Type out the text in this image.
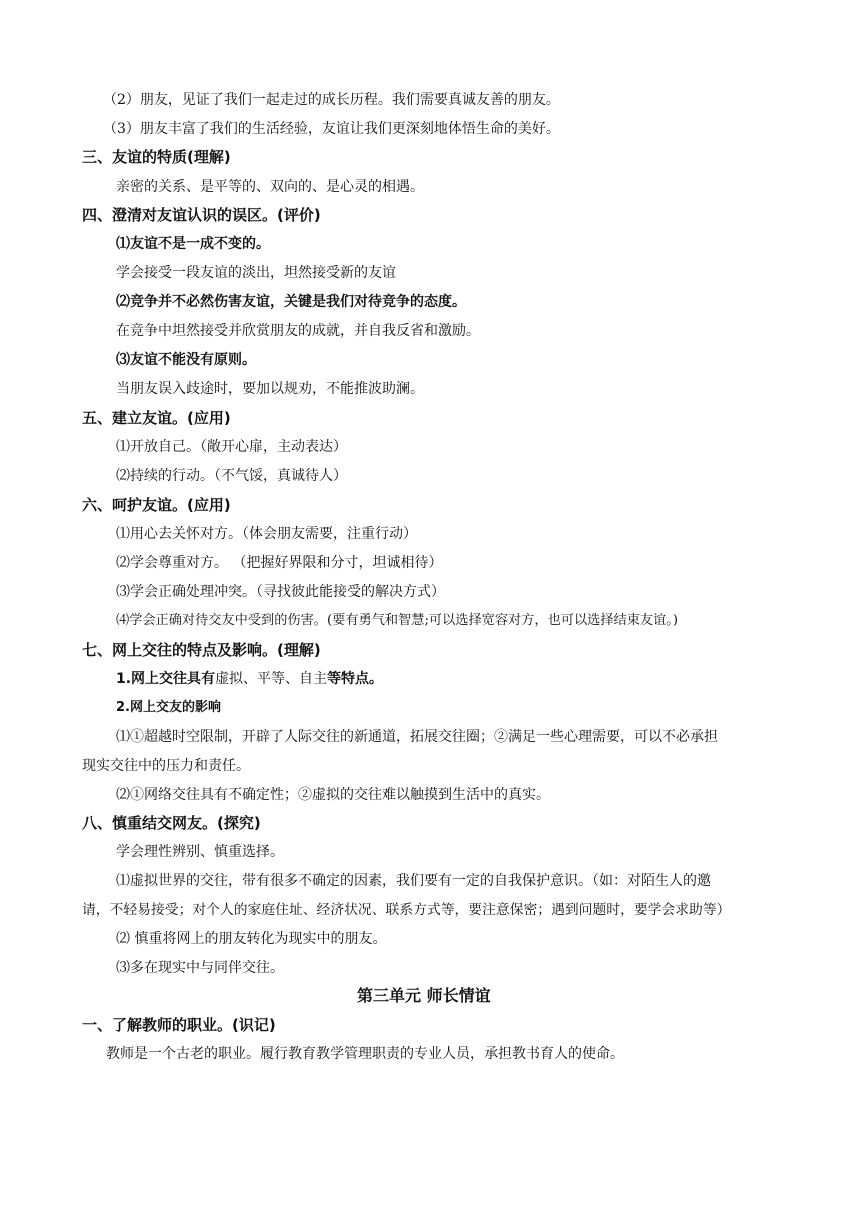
（2）朋友，见证了我们一起走过的成长历程。我们需要真诚友善的朋友。
（3）朋友丰富了我们的生活经验，友谊让我们更深刻地体悟生命的美好。
三、友谊的特质(理解)
亲密的关系、是平等的、双向的、是心灵的相遇。
四、澄清对友谊认识的误区。(评价)
⑴友谊不是一成不变的。
学会接受一段友谊的淡出，坦然接受新的友谊
⑵竞争并不必然伤害友谊，关键是我们对待竞争的态度。
在竞争中坦然接受并欣赏朋友的成就，并自我反省和激励。
⑶友谊不能没有原则。
当朋友误入歧途时，要加以规劝，不能推波助澜。
五、建立友谊。(应用)
⑴开放自己。（敞开心扉，主动表达）
⑵持续的行动。（不气馁，真诚待人）
六、呵护友谊。(应用)
⑴用心去关怀对方。（体会朋友需要，注重行动）
⑵学会尊重对方。 （把握好界限和分寸，坦诚相待）
⑶学会正确处理冲突。（寻找彼此能接受的解决方式）
⑷学会正确对待交友中受到的伤害。(要有勇气和智慧;可以选择宽容对方，也可以选择结束友谊。)
七、网上交往的特点及影响。(理解)
1.网上交往具有虚拟、平等、自主等特点。
2.网上交友的影响
⑴①超越时空限制，开辟了人际交往的新通道，拓展交往圈；②满足一些心理需要，可以不必承担
现实交往中的压力和责任。
⑵①网络交往具有不确定性；②虚拟的交往难以触摸到生活中的真实。
八、慎重结交网友。(探究)
学会理性辨别、慎重选择。
⑴虚拟世界的交往，带有很多不确定的因素，我们要有一定的自我保护意识。（如：对陌生人的邀
请，不轻易接受；对个人的家庭住址、经济状况、联系方式等，要注意保密；遇到问题时，要学会求助等）
⑵ 慎重将网上的朋友转化为现实中的朋友。
⑶多在现实中与同伴交往。
第三单元 师长情谊
一、了解教师的职业。(识记)
教师是一个古老的职业。履行教育教学管理职责的专业人员，承担教书育人的使命。
